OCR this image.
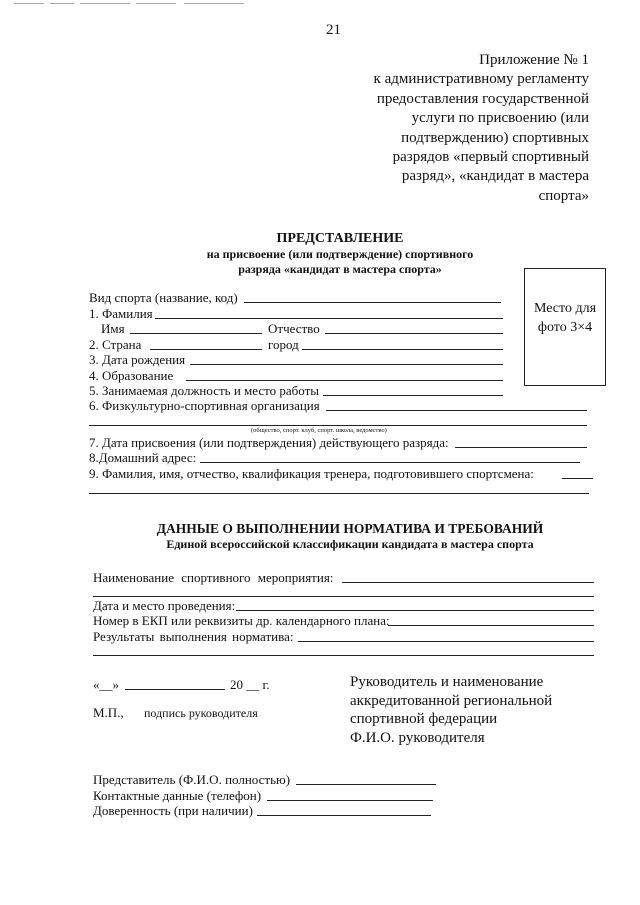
21
Приложение № 1
к административному регламенту
предоставления государственной
услуги по присвоению (или
подтверждению) спортивных
разрядов «первый спортивный
разряд», «кандидат в мастера
спорта»
ПРЕДСТАВЛЕНИЕ
на присвоение (или подтверждение) спортивного
разряда «кандидат в мастера спорта»
Место для
фото 3×4
Вид спорта (название, код)
1. Фамилия
Имя	Отчество
2. Страна	город
3. Дата рождения
4. Образование
5. Занимаемая должность и место работы
6. Физкультурно-спортивная организация
(общество, спорт. клуб, спорт. школа, ведомство)
7. Дата присвоения (или подтверждения) действующего разряда:
8.Домашний адрес:
9. Фамилия, имя, отчество, квалификация тренера, подготовившего спортсмена:
ДАННЫЕ О ВЫПОЛНЕНИИ НОРМАТИВА И ТРЕБОВАНИЙ
Единой всероссийской классификации кандидата в мастера спорта
Наименование спортивного мероприятия:
Дата и место проведения:
Номер в ЕКП или реквизиты др. календарного плана:
Результаты выполнения норматива:
«__»	20 __ г.
М.П., подпись руководителя
Руководитель и наименование
аккредитованной региональной
спортивной федерации
Ф.И.О. руководителя
Представитель (Ф.И.О. полностью)
Контактные данные (телефон)
Доверенность (при наличии)
